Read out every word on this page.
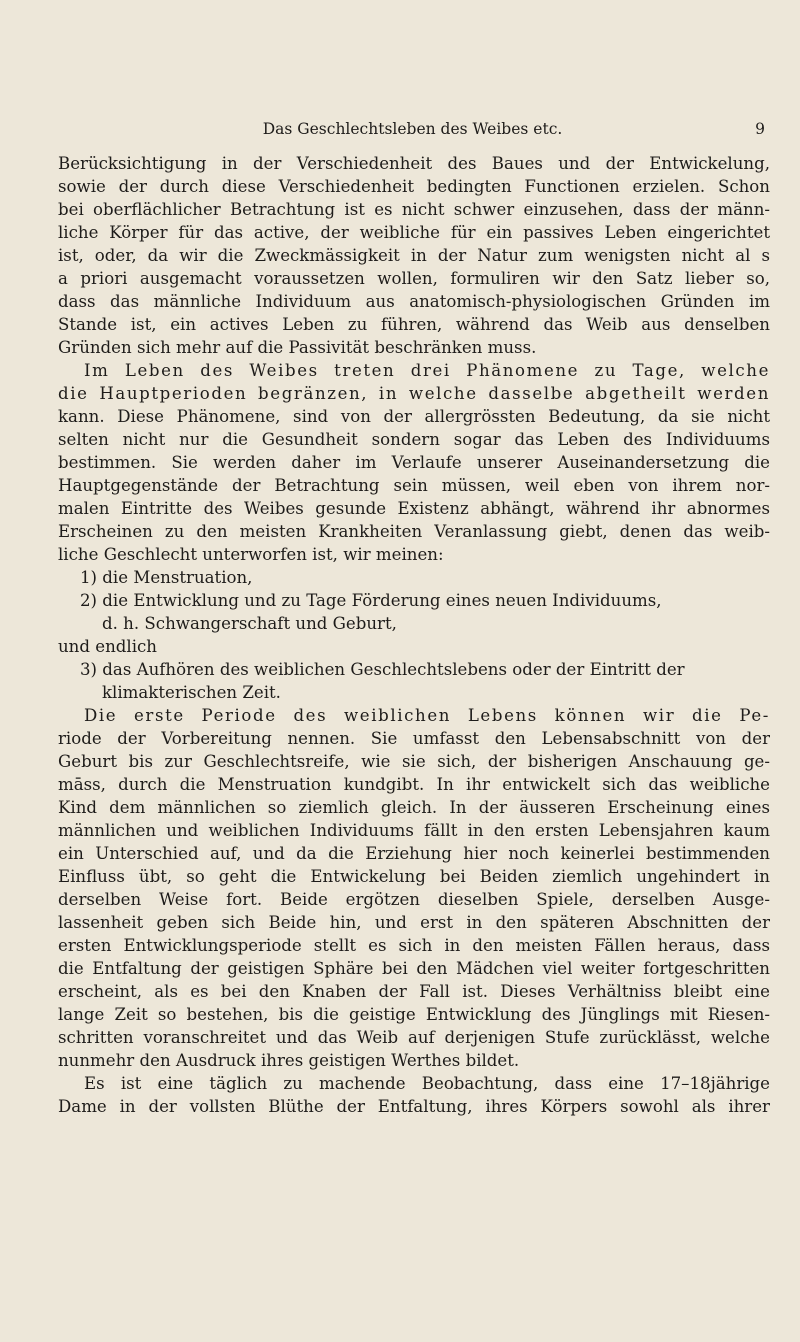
Das Geschlechtsleben des Weibes etc.	9
Berücksichtigung in der Verschiedenheit des Baues und der Entwickelung,
sowie der durch diese Verschiedenheit bedingten Functionen erzielen. Schon
bei oberflächlicher Betrachtung ist es nicht schwer einzusehen, dass der männ-
liche Körper für das active, der weibliche für ein passives Leben eingerichtet
ist, oder, da wir die Zweckmässigkeit in der Natur zum wenigsten nicht al s
a priori ausgemacht voraussetzen wollen, formuliren wir den Satz lieber so,
dass das männliche Individuum aus anatomisch-physiologischen Gründen im
Stande ist, ein actives Leben zu führen, während das Weib aus denselben
Gründen sich mehr auf die Passivität beschränken muss.
Im Leben des Weibes treten drei Phänomene zu Tage, welche
die Hauptperioden begränzen, in welche dasselbe abgetheilt werden
kann. Diese Phänomene, sind von der allergrössten Bedeutung, da sie nicht
selten nicht nur die Gesundheit sondern sogar das Leben des Individuums
bestimmen. Sie werden daher im Verlaufe unserer Auseinandersetzung die
Hauptgegenstände der Betrachtung sein müssen, weil eben von ihrem nor-
malen Eintritte des Weibes gesunde Existenz abhängt, während ihr abnormes
Erscheinen zu den meisten Krankheiten Veranlassung giebt, denen das weib-
liche Geschlecht unterworfen ist, wir meinen:
1) die Menstruation,
2) die Entwicklung und zu Tage Förderung eines neuen Individuums,
d. h. Schwangerschaft und Geburt,
und endlich
3) das Aufhören des weiblichen Geschlechtslebens oder der Eintritt der
klimakterischen Zeit.
Die erste Periode des weiblichen Lebens können wir die Pe-
riode der Vorbereitung nennen. Sie umfasst den Lebensabschnitt von der
Geburt bis zur Geschlechtsreife, wie sie sich, der bisherigen Anschauung ge-
māss, durch die Menstruation kundgibt. In ihr entwickelt sich das weibliche
Kind dem männlichen so ziemlich gleich. In der äusseren Erscheinung eines
männlichen und weiblichen Individuums fällt in den ersten Lebensjahren kaum
ein Unterschied auf, und da die Erziehung hier noch keinerlei bestimmenden
Einfluss übt, so geht die Entwickelung bei Beiden ziemlich ungehindert in
derselben Weise fort. Beide ergötzen dieselben Spiele, derselben Ausge-
lassenheit geben sich Beide hin, und erst in den späteren Abschnitten der
ersten Entwicklungsperiode stellt es sich in den meisten Fällen heraus, dass
die Entfaltung der geistigen Sphäre bei den Mädchen viel weiter fortgeschritten
erscheint, als es bei den Knaben der Fall ist. Dieses Verhältniss bleibt eine
lange Zeit so bestehen, bis die geistige Entwicklung des Jünglings mit Riesen-
schritten voranschreitet und das Weib auf derjenigen Stufe zurücklässt, welche
nunmehr den Ausdruck ihres geistigen Werthes bildet.
Es ist eine täglich zu machende Beobachtung, dass eine 17–18jährige
Dame in der vollsten Blüthe der Entfaltung, ihres Körpers sowohl als ihrer
